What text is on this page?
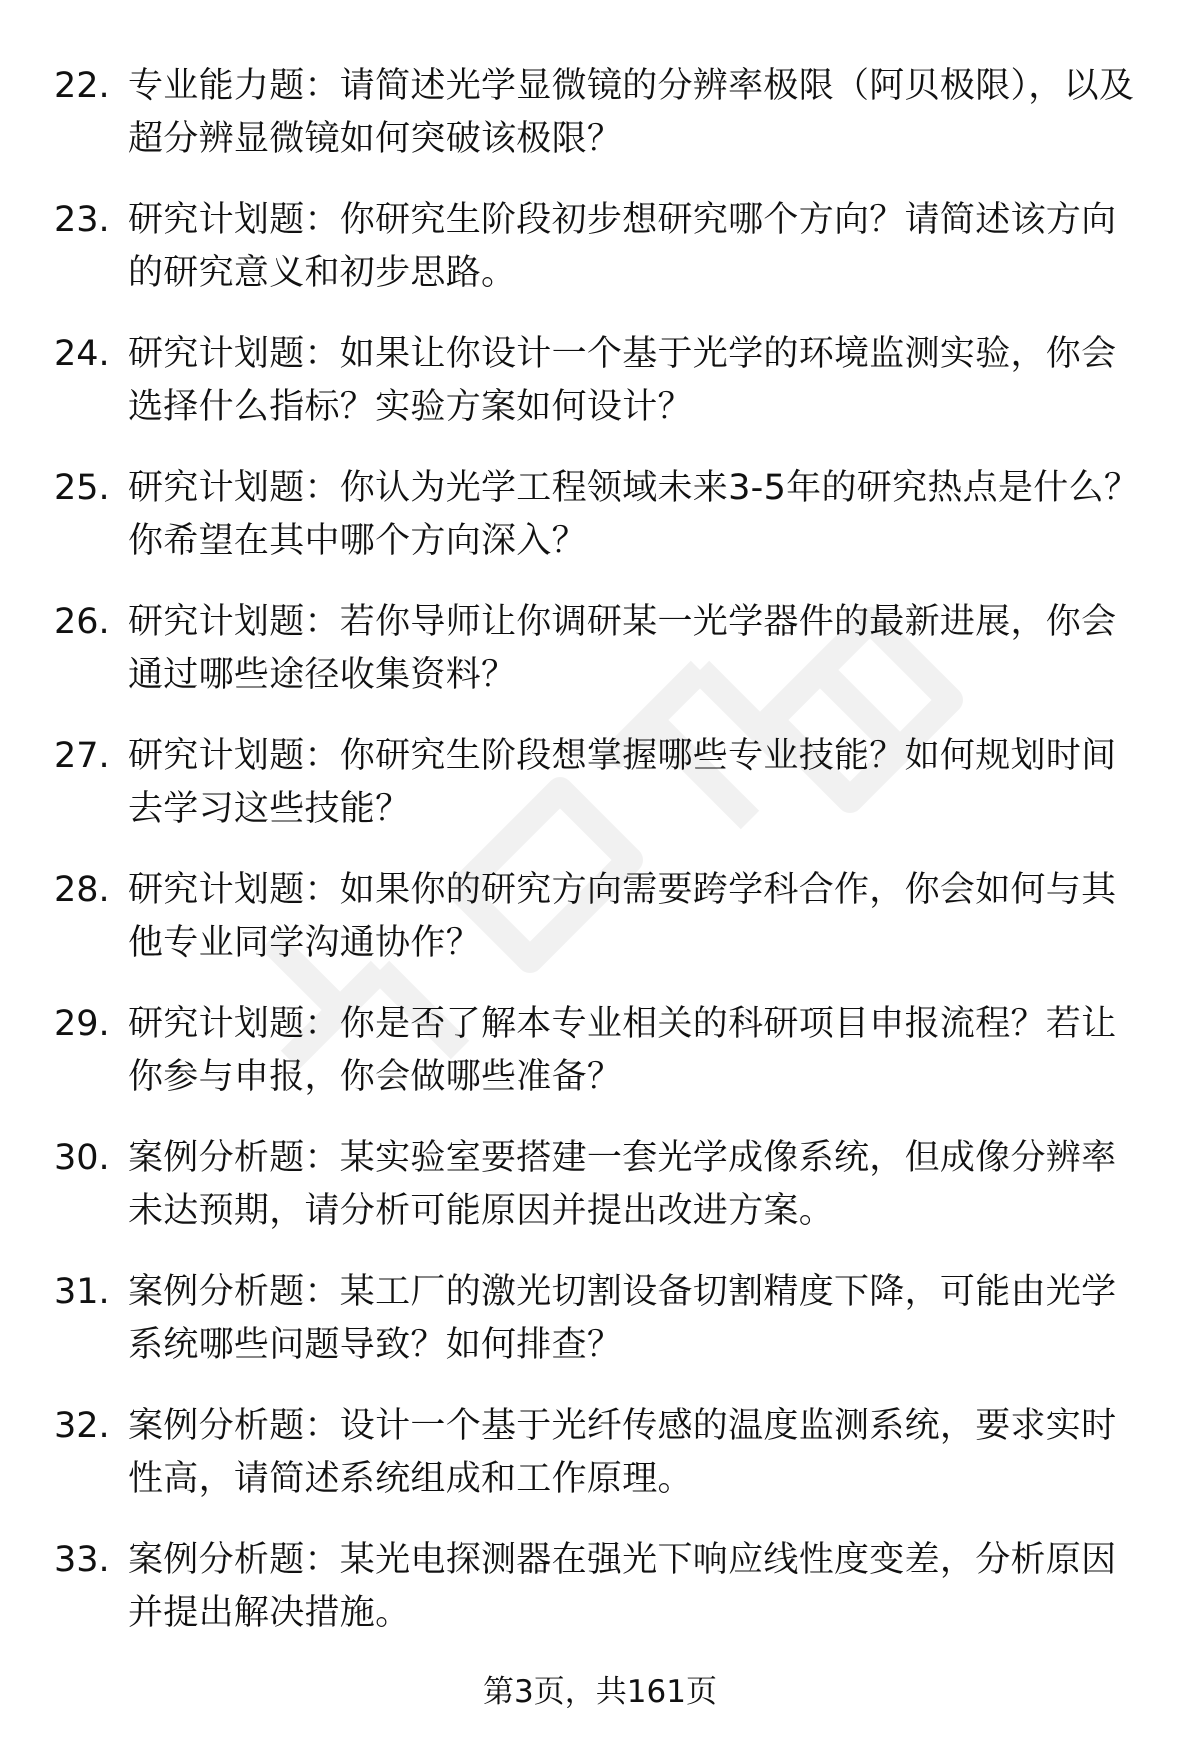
22. 专业能力题：请简述光学显微镜的分辨率极限（阿贝极限），以及超分辨显微镜如何突破该极限？
23. 研究计划题：你研究生阶段初步想研究哪个方向？请简述该方向的研究意义和初步思路。
24. 研究计划题：如果让你设计一个基于光学的环境监测实验，你会选择什么指标？实验方案如何设计？
25. 研究计划题：你认为光学工程领域未来3-5年的研究热点是什么？你希望在其中哪个方向深入？
26. 研究计划题：若你导师让你调研某一光学器件的最新进展，你会通过哪些途径收集资料？
27. 研究计划题：你研究生阶段想掌握哪些专业技能？如何规划时间去学习这些技能？
28. 研究计划题：如果你的研究方向需要跨学科合作，你会如何与其他专业同学沟通协作？
29. 研究计划题：你是否了解本专业相关的科研项目申报流程？若让你参与申报，你会做哪些准备？
30. 案例分析题：某实验室要搭建一套光学成像系统，但成像分辨率未达预期，请分析可能原因并提出改进方案。
31. 案例分析题：某工厂的激光切割设备切割精度下降，可能由光学系统哪些问题导致？如何排查？
32. 案例分析题：设计一个基于光纤传感的温度监测系统，要求实时性高，请简述系统组成和工作原理。
33. 案例分析题：某光电探测器在强光下响应线性度变差，分析原因并提出解决措施。
第3页，共161页
